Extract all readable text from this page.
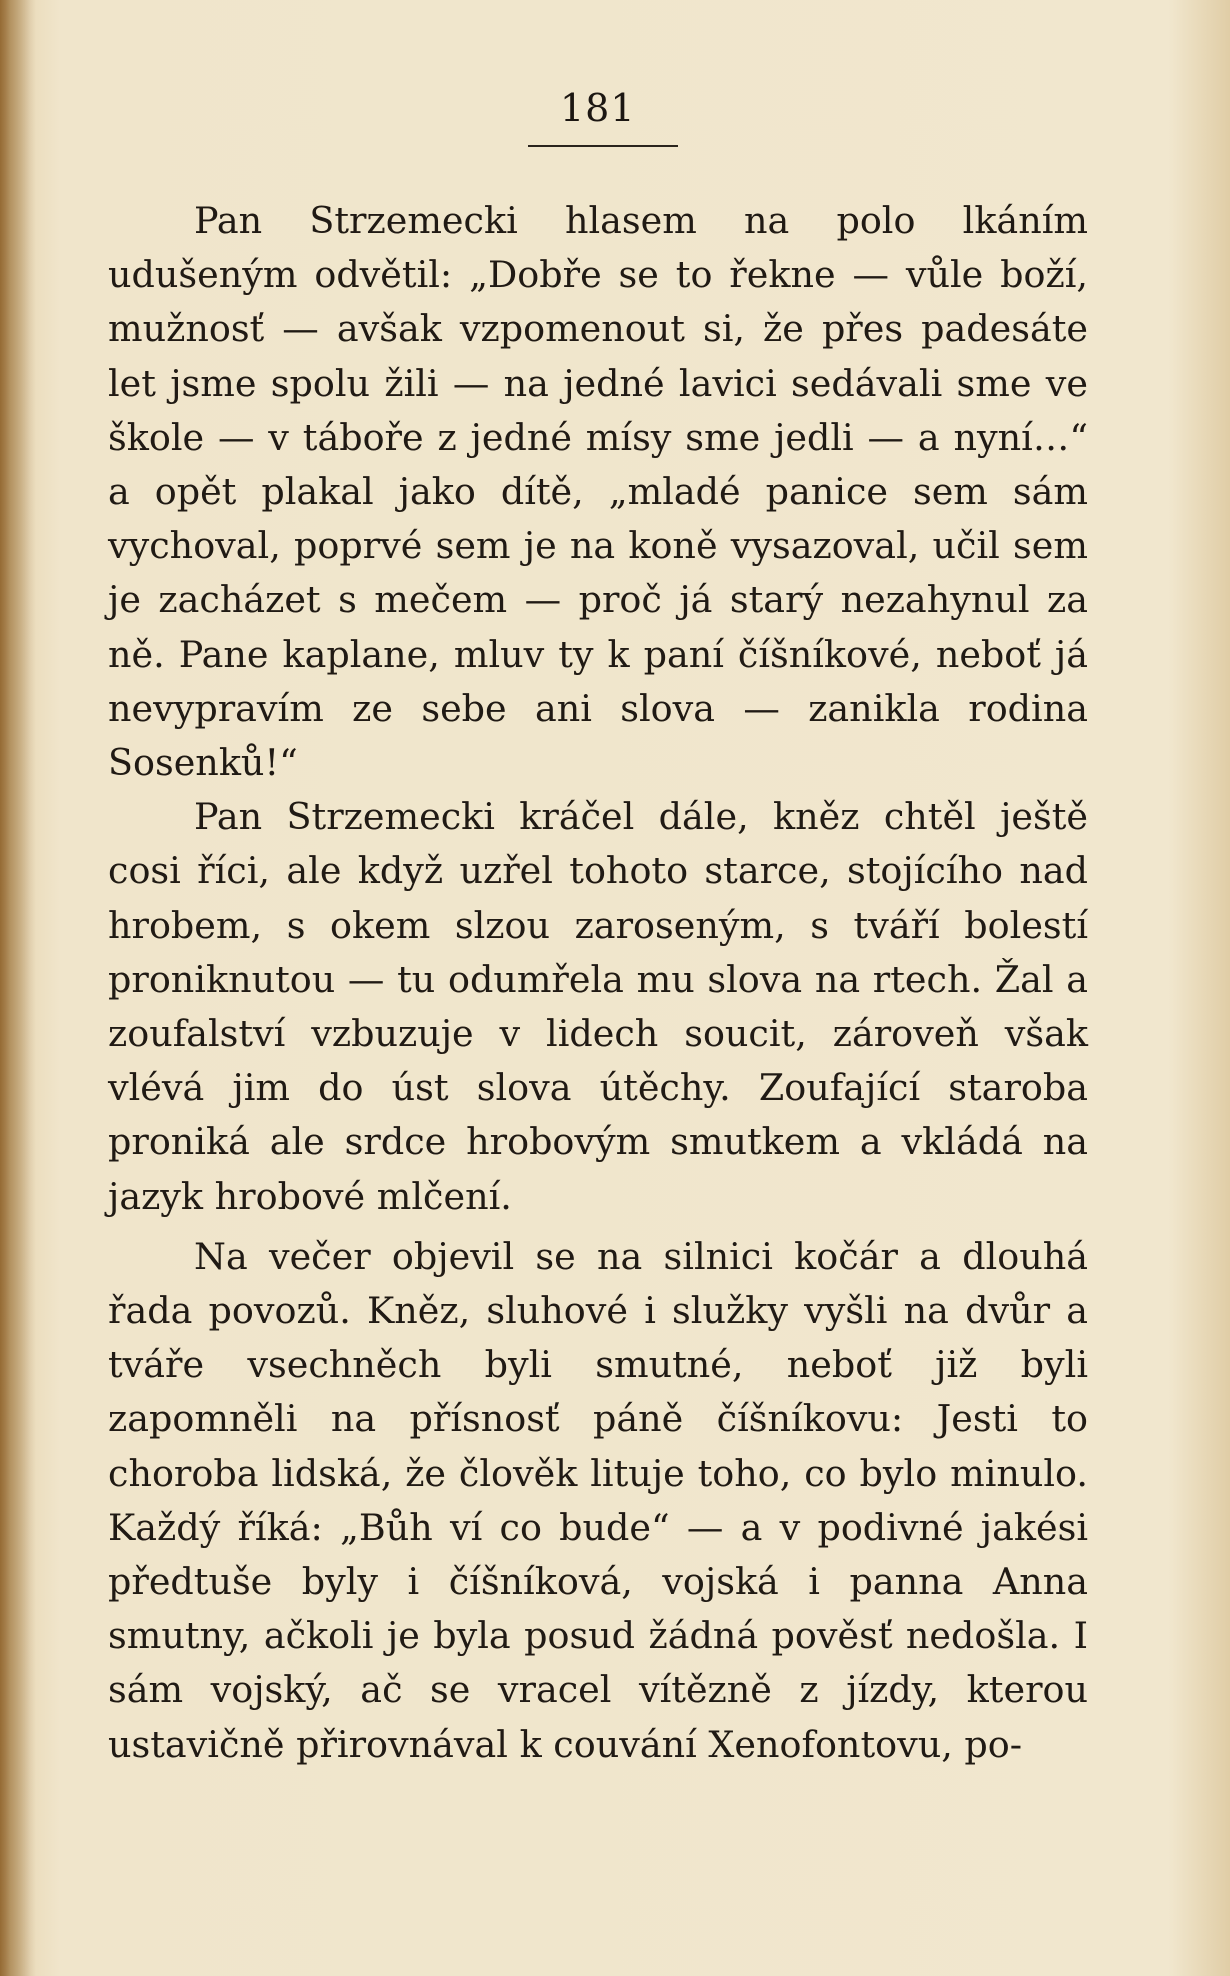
181

Pan Strzemecki hlasem na polo lkáním udušeným odvětil: „Dobře se to řekne — vůle boží, mužnosť — avšak vzpomenout si, že přes padesáte let jsme spolu žili — na jedné lavici sedávali sme ve škole — v táboře z jedné mísy sme jedli — a nyní…“ a opět plakal jako dítě, „mladé panice sem sám vychoval, poprvé sem je na koně vysazoval, učil sem je zacházet s mečem — proč já starý nezahynul za ně. Pane kaplane, mluv ty k paní číšníkové, neboť já nevypravím ze sebe ani slova — zanikla rodina Sosenků!“

Pan Strzemecki kráčel dále, kněz chtěl ještě cosi říci, ale když uzřel tohoto starce, stojícího nad hrobem, s okem slzou zaroseným, s tváří bolestí proniknutou — tu odumřela mu slova na rtech. Žal a zoufalství vzbuzuje v lidech soucit, zároveň však vlévá jim do úst slova útěchy. Zoufající staroba proniká ale srdce hrobovým smutkem a vkládá na jazyk hrobové mlčení.

Na večer objevil se na silnici kočár a dlouhá řada povozů. Kněz, sluhové i služky vyšli na dvůr a tváře vsechněch byli smutné, neboť již byli zapomněli na přísnosť páně číšníkovu: Jesti to choroba lidská, že člověk lituje toho, co bylo minulo. Každý říká: „Bůh ví co bude“ — a v podivné jakési předtuše byly i číšníková, vojská i panna Anna smutny, ačkoli je byla posud žádná pověsť nedošla. I sám vojský, ač se vracel vítězně z jízdy, kterou ustavičně přirovnával k couvání Xenofontovu, po-
